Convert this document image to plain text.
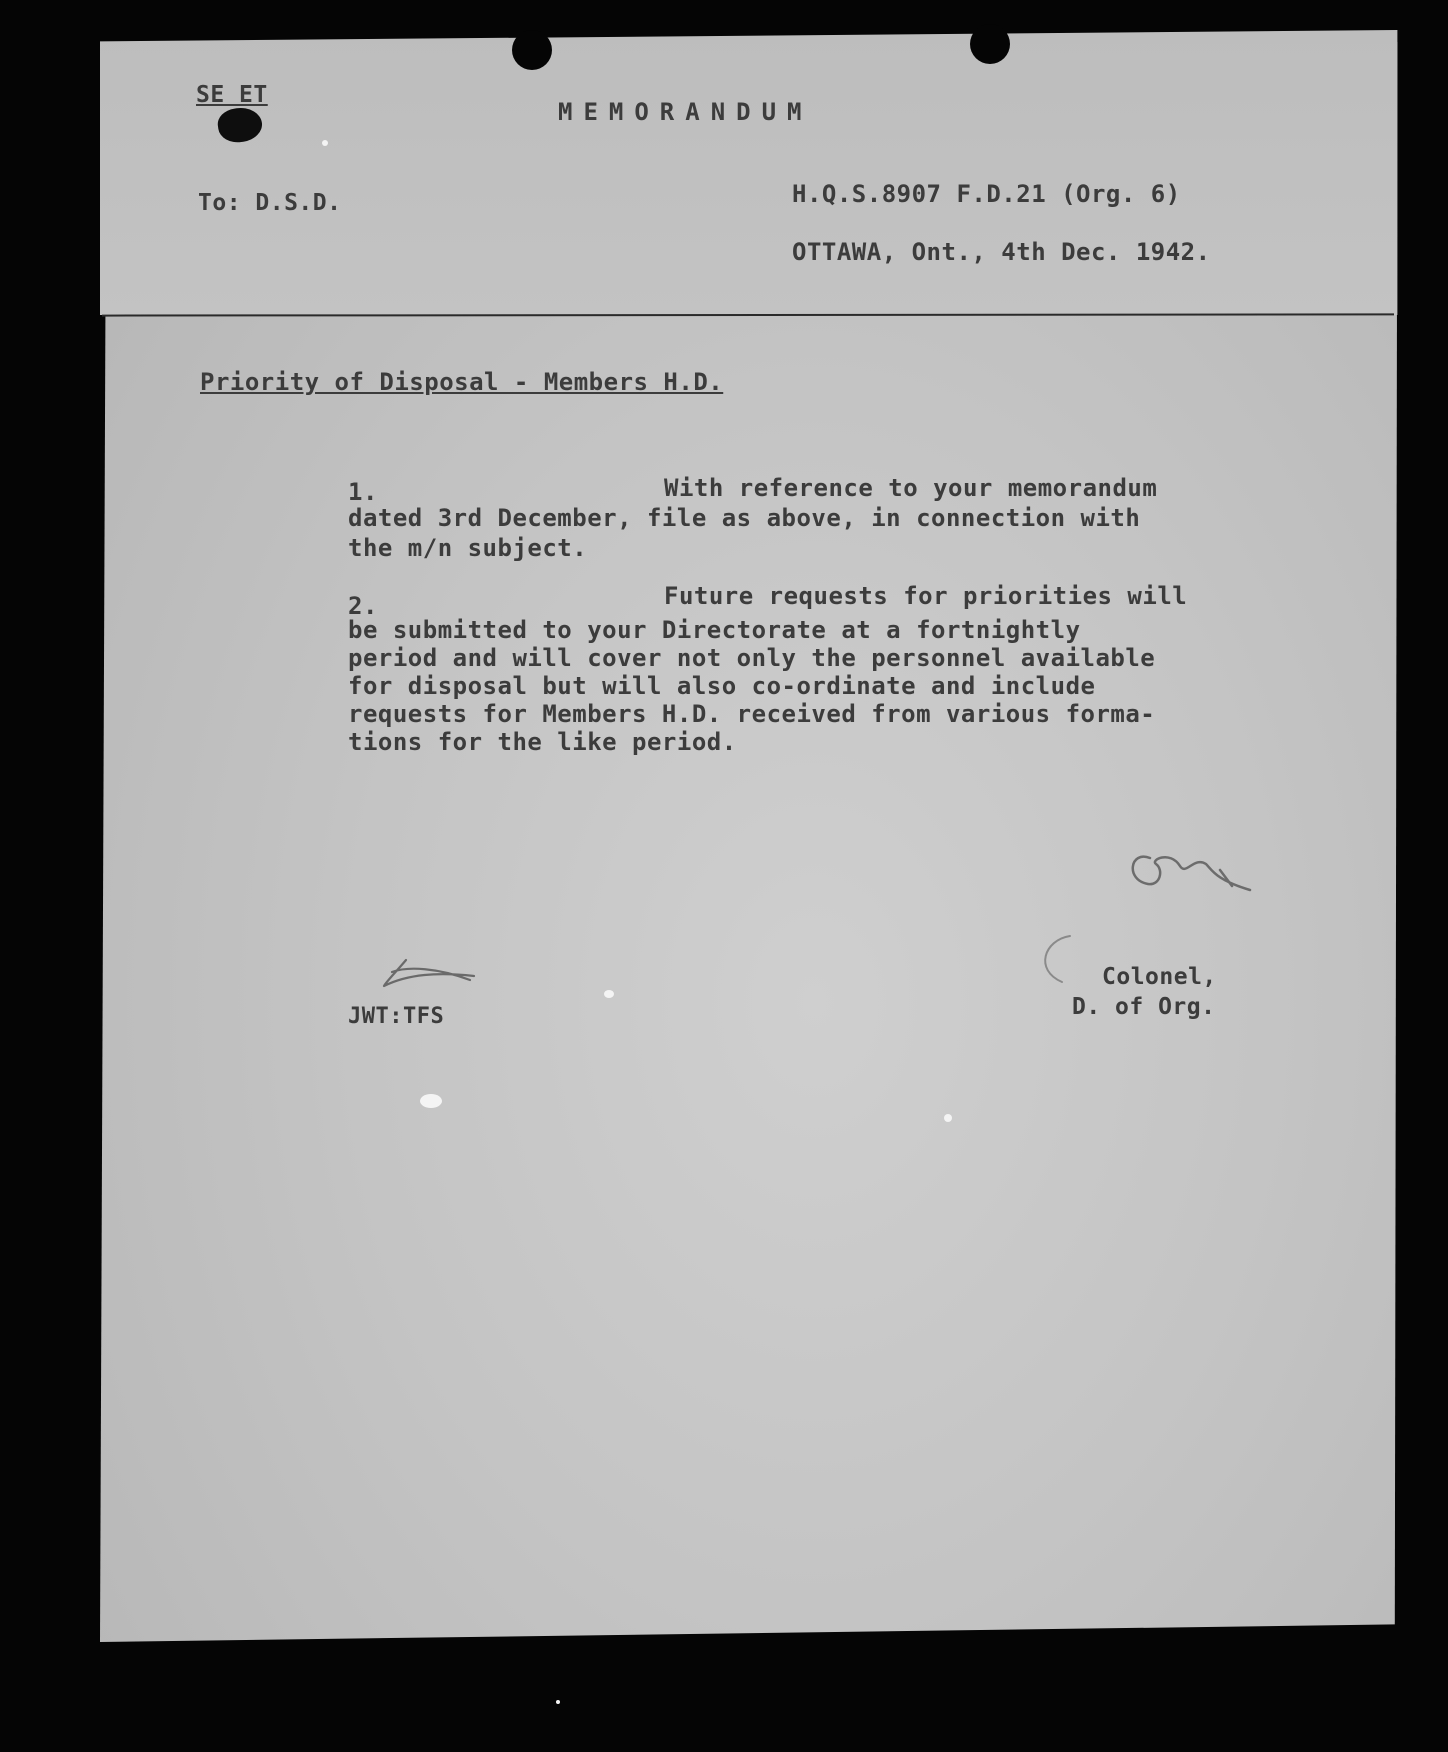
SE ET
MEMORANDUM
To: D.S.D.	H.Q.S.8907 F.D.21 (Org. 6)
OTTAWA, Ont., 4th Dec. 1942.
Priority of Disposal - Members H.D.
1.	With reference to your memorandum
dated 3rd December, file as above, in connection with
the m/n subject.
2.	Future requests for priorities will
be submitted to your Directorate at a fortnightly
period and will cover not only the personnel available
for disposal but will also co-ordinate and include
requests for Members H.D. received from various forma-
tions for the like period.
Colonel,
D. of Org.
JWT:TFS
